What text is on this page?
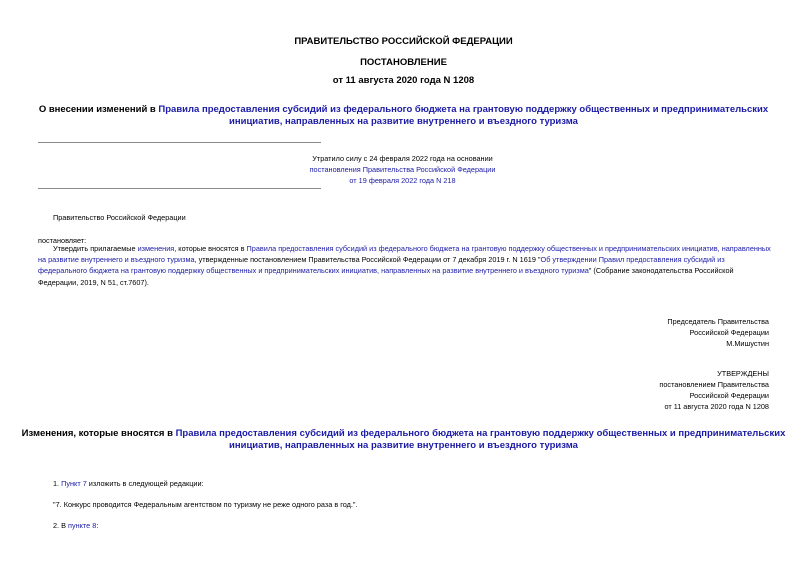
ПРАВИТЕЛЬСТВО РОССИЙСКОЙ ФЕДЕРАЦИИ
ПОСТАНОВЛЕНИЕ
от 11 августа 2020 года N 1208
О внесении изменений в Правила предоставления субсидий из федерального бюджета на грантовую поддержку общественных и предпринимательских
инициатив, направленных на развитие внутреннего и въездного туризма
Утратило силу с 24 февраля 2022 года на основании
постановления Правительства Российской Федерации
от 19 февраля 2022 года N 218
Правительство Российской Федерации
постановляет:
Утвердить прилагаемые изменения, которые вносятся в Правила предоставления субсидий из федерального бюджета на грантовую поддержку общественных и предпринимательских инициатив, направленных на развитие внутреннего и въездного туризма, утвержденные постановлением Правительства Российской Федерации от 7 декабря 2019 г. N 1619 "Об утверждении Правил предоставления субсидий из федерального бюджета на грантовую поддержку общественных и предпринимательских инициатив, направленных на развитие внутреннего и въездного туризма" (Собрание законодательства Российской Федерации, 2019, N 51, ст.7607).
Председатель Правительства
Российской Федерации
М.Мишустин
УТВЕРЖДЕНЫ
постановлением Правительства
Российской Федерации
от 11 августа 2020 года N 1208
Изменения, которые вносятся в Правила предоставления субсидий из федерального бюджета на грантовую поддержку общественных и предпринимательских
инициатив, направленных на развитие внутреннего и въездного туризма
1. Пункт 7 изложить в следующей редакции:
"7. Конкурс проводится Федеральным агентством по туризму не реже одного раза в год.".
2. В пункте 8:
